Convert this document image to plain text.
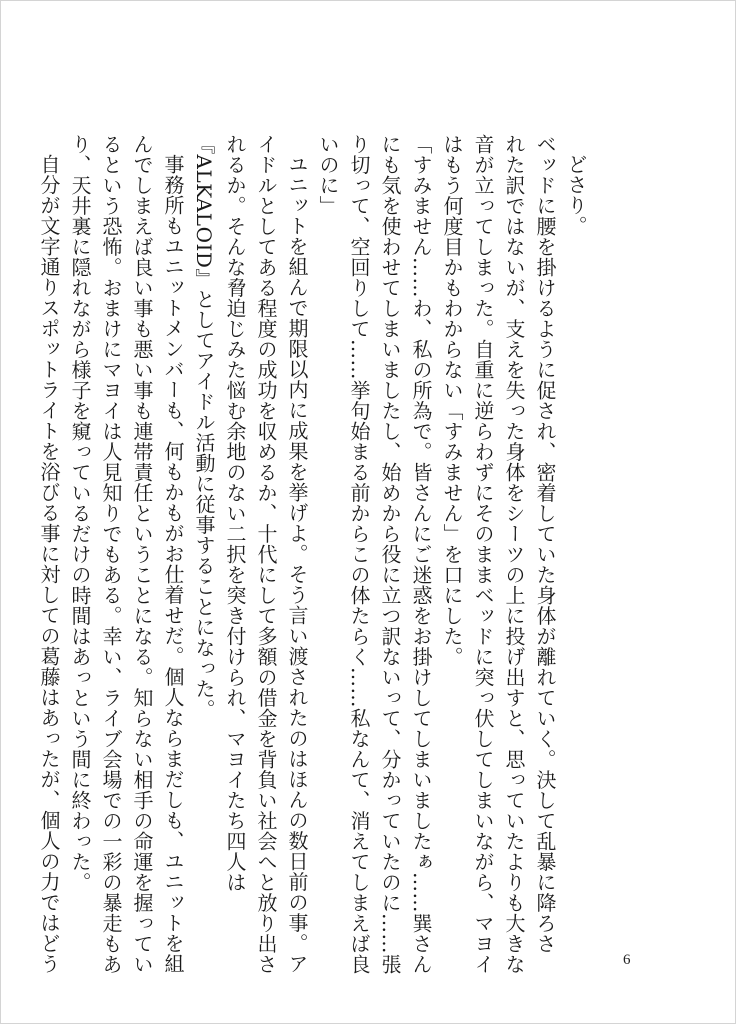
どさり。

ベッドに腰を掛けるように促され、密着していた身体が離れていく。決して乱暴に降ろさ

れた訳ではないが、支えを失った身体をシーツの上に投げ出すと、思っていたよりも大きな

音が立ってしまった。自重に逆らわずにそのままベッドに突っ伏してしまいながら、マヨイ

はもう何度目かもわからない「すみません」を口にした。

「すみません……わ、私の所為で。皆さんにご迷惑をお掛けしてしまいましたぁ……巽さん

にも気を使わせてしまいましたし、始めから役に立つ訳ないって、分かっていたのに……張

り切って、空回りして……挙句始まる前からこの体たらく……私なんて、消えてしまえば良

いのに」

ユニットを組んで期限以内に成果を挙げよ。そう言い渡されたのはほんの数日前の事。ア

イドルとしてある程度の成功を収めるか、十代にして多額の借金を背負い社会へと放り出さ

れるか。そんな脅迫じみた悩む余地のない二択を突き付けられ、マヨイたち四人は

『ALKALOID』としてアイドル活動に従事することになった。

事務所もユニットメンバーも、何もかもがお仕着せだ。個人ならまだしも、ユニットを組

んでしまえば良い事も悪い事も連帯責任ということになる。知らない相手の命運を握ってい

るという恐怖。おまけにマヨイは人見知りでもある。幸い、ライブ会場での一彩の暴走もあ

り、天井裏に隠れながら様子を窺っているだけの時間はあっという間に終わった。

自分が文字通りスポットライトを浴びる事に対しての葛藤はあったが、個人の力ではどう	6
